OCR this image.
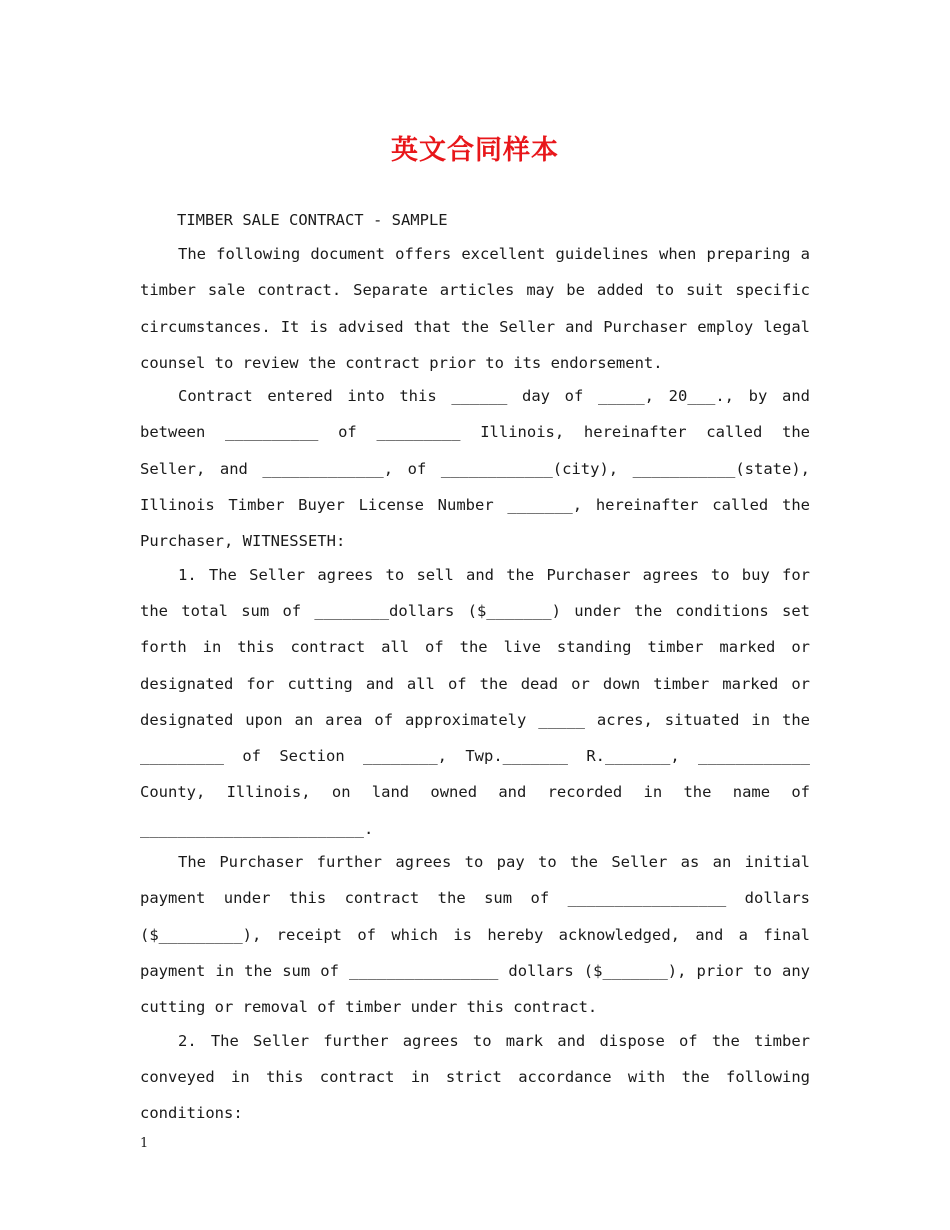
英文合同样本

TIMBER SALE CONTRACT - SAMPLE

The following document offers excellent guidelines when preparing a timber sale contract. Separate articles may be added to suit specific circumstances. It is advised that the Seller and Purchaser employ legal counsel to review the contract prior to its endorsement.

Contract entered into this ______ day of _____, 20___., by and between __________ of _________ Illinois, hereinafter called the Seller, and _____________, of ____________(city), ___________(state), Illinois Timber Buyer License Number _______, hereinafter called the Purchaser, WITNESSETH:

1. The Seller agrees to sell and the Purchaser agrees to buy for the total sum of ________dollars ($_______) under the conditions set forth in this contract all of the live standing timber marked or designated for cutting and all of the dead or down timber marked or designated upon an area of approximately _____ acres, situated in the _________ of Section ________, Twp._______ R._______, ____________ County, Illinois, on land owned and recorded in the name of ________________________.

The Purchaser further agrees to pay to the Seller as an initial payment under this contract the sum of _________________ dollars ($_________), receipt of which is hereby acknowledged, and a final payment in the sum of ________________ dollars ($_______), prior to any cutting or removal of timber under this contract.

2. The Seller further agrees to mark and dispose of the timber conveyed in this contract in strict accordance with the following conditions:

1
